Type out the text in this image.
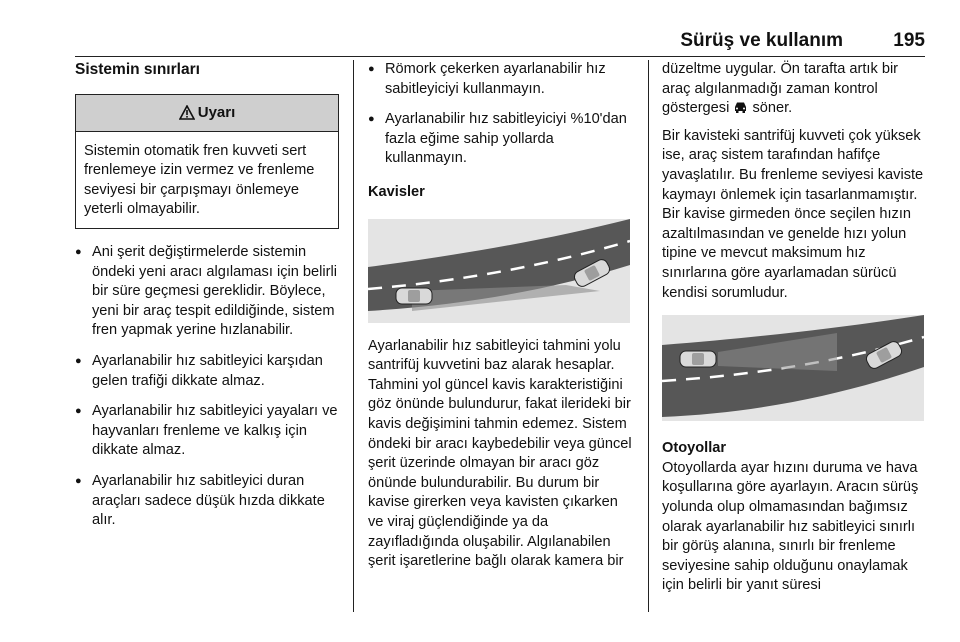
Sürüş ve kullanım	195
Sistemin sınırları
Uyarı
Sistemin otomatik fren kuvveti sert frenlemeye izin vermez ve frenleme seviyesi bir çarpışmayı önlemeye yeterli olmayabilir.
● Ani şerit değiştirmelerde sistemin öndeki yeni aracı algılaması için belirli bir süre geçmesi gereklidir. Böylece, yeni bir araç tespit edildiğinde, sistem fren yapmak yerine hızlanabilir.
● Ayarlanabilir hız sabitleyici karşıdan gelen trafiği dikkate almaz.
● Ayarlanabilir hız sabitleyici yayaları ve hayvanları frenleme ve kalkış için dikkate almaz.
● Ayarlanabilir hız sabitleyici duran araçları sadece düşük hızda dikkate alır.
● Römork çekerken ayarlanabilir hız sabitleyiciyi kullanmayın.
● Ayarlanabilir hız sabitleyiciyi %10'dan fazla eğime sahip yollarda kullanmayın.
Kavisler

Ayarlanabilir hız sabitleyici tahmini yolu santrifüj kuvvetini baz alarak hesaplar. Tahmini yol güncel kavis karakteristiğini göz önünde bulundurur, fakat ilerideki bir kavis değişimini tahmin edemez. Sistem öndeki bir aracı kaybedebilir veya güncel şerit üzerinde olmayan bir aracı göz önünde bulundurabilir. Bu durum bir kavise girerken veya kavisten çıkarken ve viraj güçlendiğinde ya da zayıfladığında oluşabilir. Algılanabilen şerit işaretlerine bağlı olarak kamera bir

düzeltme uygular. Ön tarafta artık bir araç algılanmadığı zaman kontrol göstergesi söner.

Bir kavisteki santrifüj kuvveti çok yüksek ise, araç sistem tarafından hafifçe yavaşlatılır. Bu frenleme seviyesi kaviste kaymayı önlemek için tasarlanmamıştır. Bir kavise girmeden önce seçilen hızın azaltılmasından ve genelde hızı yolun tipine ve mevcut maksimum hız sınırlarına göre ayarlamadan sürücü kendisi sorumludur.

Otoyollar

Otoyollarda ayar hızını duruma ve hava koşullarına göre ayarlayın. Aracın sürüş yolunda olup olmamasından bağımsız olarak ayarlanabilir hız sabitleyici sınırlı bir görüş alanına, sınırlı bir frenleme seviyesine sahip olduğunu onaylamak için belirli bir yanıt süresi
